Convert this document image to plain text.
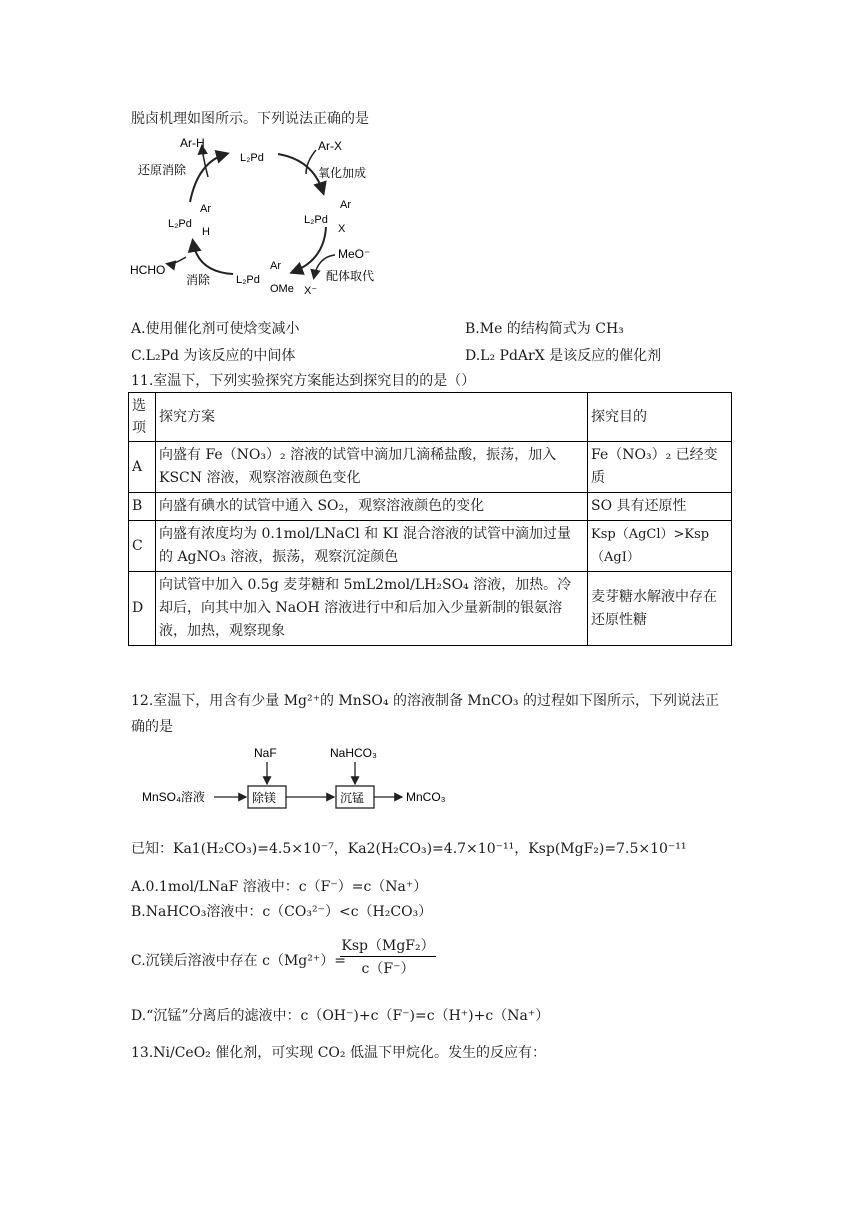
脱卤机理如图所示。下列说法正确的是
Ar-H
L₂Pd
Ar-X
还原消除	氧化加成
Ar
L₂Pd
H
Ar
L₂Pd
X
MeO⁻
配体取代
HCHO
消除
Ar
L₂Pd
OMe X⁻
A.使用催化剂可使焓变减小	B.Me 的结构简式为 CH₃
C.L₂Pd 为该反应的中间体	D.L₂ PdArX 是该反应的催化剂
11.室温下，下列实验探究方案能达到探究目的的是（）
选项	探究方案	探究目的
A	向盛有 Fe（NO₃）₂ 溶液的试管中滴加几滴稀盐酸，振荡，加入 KSCN 溶液，观察溶液颜色变化	Fe（NO₃）₂ 已经变质
B	向盛有碘水的试管中通入 SO₂，观察溶液颜色的变化	SO 具有还原性
C	向盛有浓度均为 0.1mol/LNaCl 和 KI 混合溶液的试管中滴加过量的 AgNO₃ 溶液，振荡，观察沉淀颜色	Ksp（AgCl）>Ksp（AgI）
D	向试管中加入 0.5g 麦芽糖和 5mL2mol/LH₂SO₄ 溶液，加热。冷却后，向其中加入 NaOH 溶液进行中和后加入少量新制的银氨溶液，加热，观察现象	麦芽糖水解液中存在还原性糖
12.室温下，用含有少量 Mg²⁺的 MnSO₄ 的溶液制备 MnCO₃ 的过程如下图所示，下列说法正
确的是
MnSO₄溶液	除镁
NaF
沉锰
NaHCO₃
MnCO₃
已知：Ka1(H₂CO₃)=4.5×10⁻⁷，Ka2(H₂CO₃)=4.7×10⁻¹¹，Ksp(MgF₂)=7.5×10⁻¹¹
A.0.1mol/LNaF 溶液中：c（F⁻）=c（Na⁺）
B.NaHCO₃溶液中：c（CO₃²⁻）<c（H₂CO₃）
C.沉镁后溶液中存在 c（Mg²⁺）=
Ksp（MgF₂）
c（F⁻）
D.“沉锰”分离后的滤液中：c（OH⁻)+c（F⁻)=c（H⁺)+c（Na⁺）
13.Ni/CeO₂ 催化剂，可实现 CO₂ 低温下甲烷化。发生的反应有：
